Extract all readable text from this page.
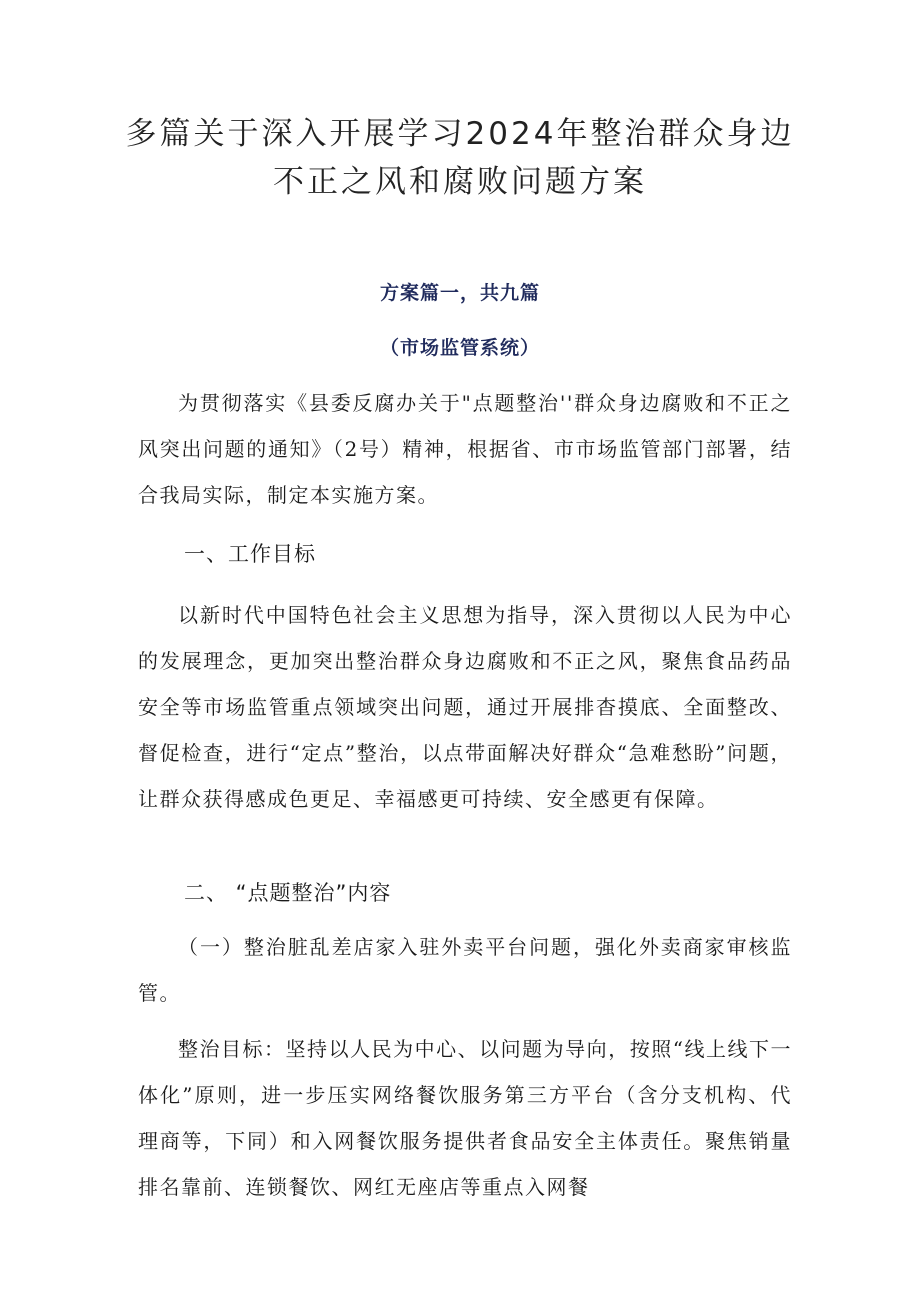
多篇关于深入开展学习2024年整治群众身边不正之风和腐败问题方案

方案篇一，共九篇

（市场监管系统）

为贯彻落实《县委反腐办关于"点题整治''群众身边腐败和不正之风突出问题的通知》（2号）精神，根据省、市市场监管部门部署，结合我局实际，制定本实施方案。

一、工作目标

以新时代中国特色社会主义思想为指导，深入贯彻以人民为中心的发展理念，更加突出整治群众身边腐败和不正之风，聚焦食品药品安全等市场监管重点领域突出问题，通过开展排杳摸底、全面整改、督促检查，进行“定点”整治，以点带面解决好群众“急难愁盼”问题，让群众获得感成色更足、幸福感更可持续、安全感更有保障。

二、 “点题整治”内容

（一）整治脏乱差店家入驻外卖平台问题，强化外卖商家审核监管。

整治目标：坚持以人民为中心、以问题为导向，按照“线上线下一体化”原则，进一步压实网络餐饮服务第三方平台（含分支机构、代理商等，下同）和入网餐饮服务提供者食品安全主体责任。聚焦销量排名靠前、连锁餐饮、网红无座店等重点入网餐
